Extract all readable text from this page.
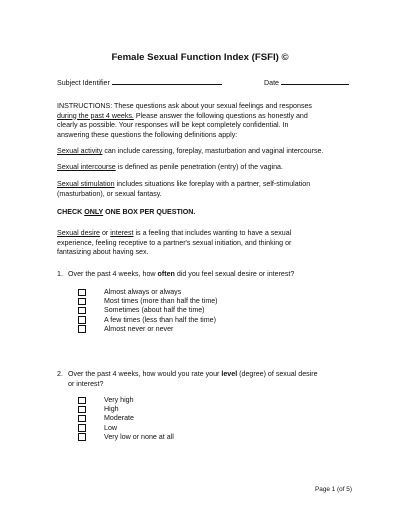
Female Sexual Function Index (FSFI) ©
Subject Identifier	Date
INSTRUCTIONS: These questions ask about your sexual feelings and responses
during the past 4 weeks. Please answer the following questions as honestly and
clearly as possible. Your responses will be kept completely confidential. In
answering these questions the following definitions apply:
Sexual activity can include caressing, foreplay, masturbation and vaginal intercourse.
Sexual intercourse is defined as penile penetration (entry) of the vagina.
Sexual stimulation includes situations like foreplay with a partner, self-stimulation
(masturbation), or sexual fantasy.
CHECK ONLY ONE BOX PER QUESTION.
Sexual desire or interest is a feeling that includes wanting to have a sexual
experience, feeling receptive to a partner's sexual initiation, and thinking or
fantasizing about having sex.
1. Over the past 4 weeks, how often did you feel sexual desire or interest?
Almost always or always
Most times (more than half the time)
Sometimes (about half the time)
A few times (less than half the time)
Almost never or never
2. Over the past 4 weeks, how would you rate your level (degree) of sexual desire
or interest?
Very high
High
Moderate
Low
Very low or none at all
Page 1 (of 5)
